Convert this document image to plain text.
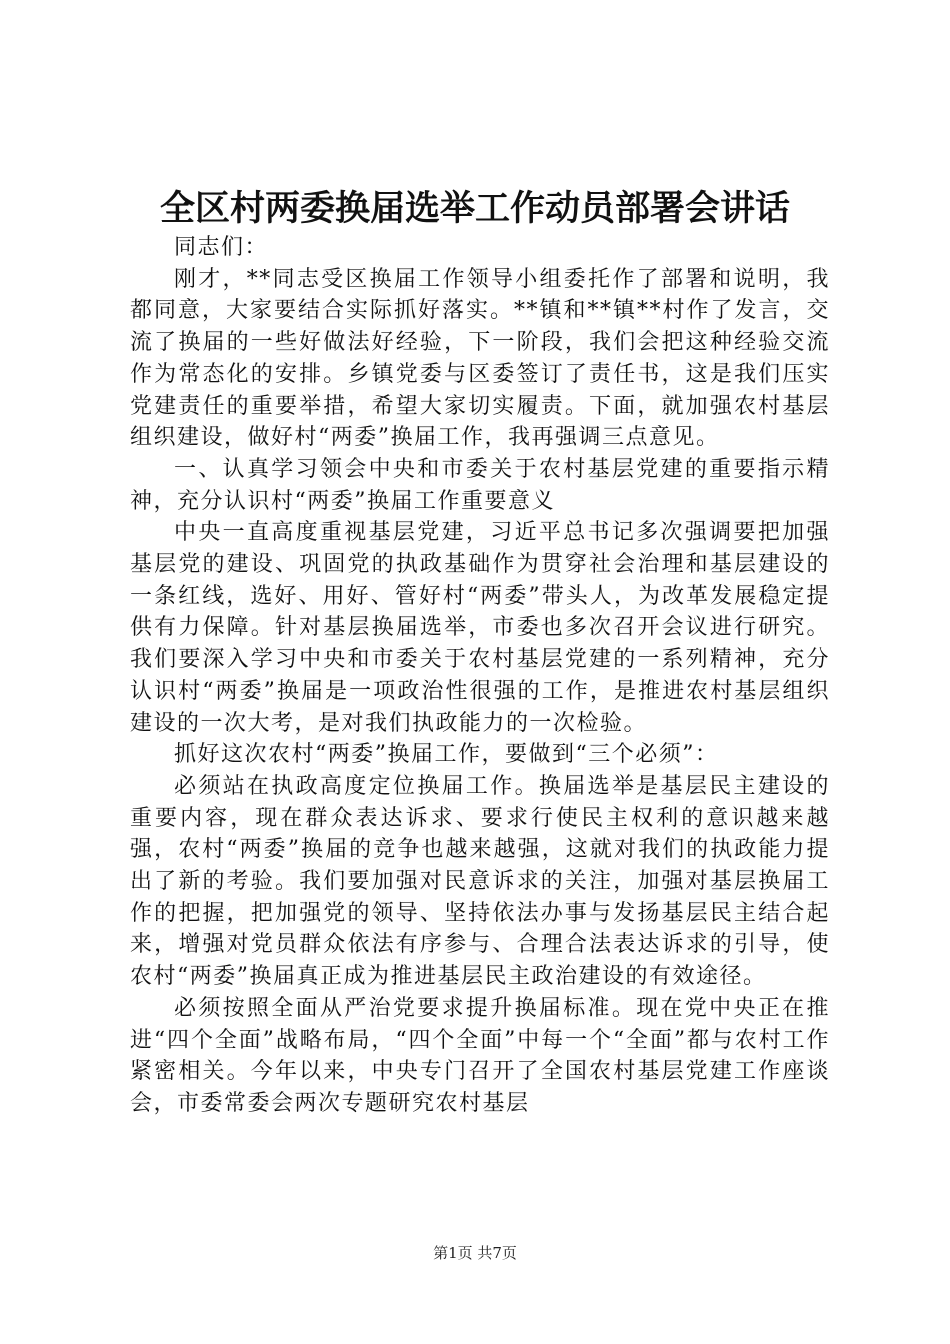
全区村两委换届选举工作动员部署会讲话

同志们：

刚才，**同志受区换届工作领导小组委托作了部署和说明，我都同意，大家要结合实际抓好落实。**镇和**镇**村作了发言，交流了换届的一些好做法好经验，下一阶段，我们会把这种经验交流作为常态化的安排。乡镇党委与区委签订了责任书，这是我们压实党建责任的重要举措，希望大家切实履责。下面，就加强农村基层组织建设，做好村“两委”换届工作，我再强调三点意见。

一、认真学习领会中央和市委关于农村基层党建的重要指示精神，充分认识村“两委”换届工作重要意义

中央一直高度重视基层党建，习近平总书记多次强调要把加强基层党的建设、巩固党的执政基础作为贯穿社会治理和基层建设的一条红线，选好、用好、管好村“两委”带头人，为改革发展稳定提供有力保障。针对基层换届选举，市委也多次召开会议进行研究。我们要深入学习中央和市委关于农村基层党建的一系列精神，充分认识村“两委”换届是一项政治性很强的工作，是推进农村基层组织建设的一次大考，是对我们执政能力的一次检验。

抓好这次农村“两委”换届工作，要做到“三个必须”：

必须站在执政高度定位换届工作。换届选举是基层民主建设的重要内容，现在群众表达诉求、要求行使民主权利的意识越来越强，农村“两委”换届的竞争也越来越强，这就对我们的执政能力提出了新的考验。我们要加强对民意诉求的关注，加强对基层换届工作的把握，把加强党的领导、坚持依法办事与发扬基层民主结合起来，增强对党员群众依法有序参与、合理合法表达诉求的引导，使农村“两委”换届真正成为推进基层民主政治建设的有效途径。

必须按照全面从严治党要求提升换届标准。现在党中央正在推进“四个全面”战略布局，“四个全面”中每一个“全面”都与农村工作紧密相关。今年以来，中央专门召开了全国农村基层党建工作座谈会，市委常委会两次专题研究农村基层

第1页 共7页
